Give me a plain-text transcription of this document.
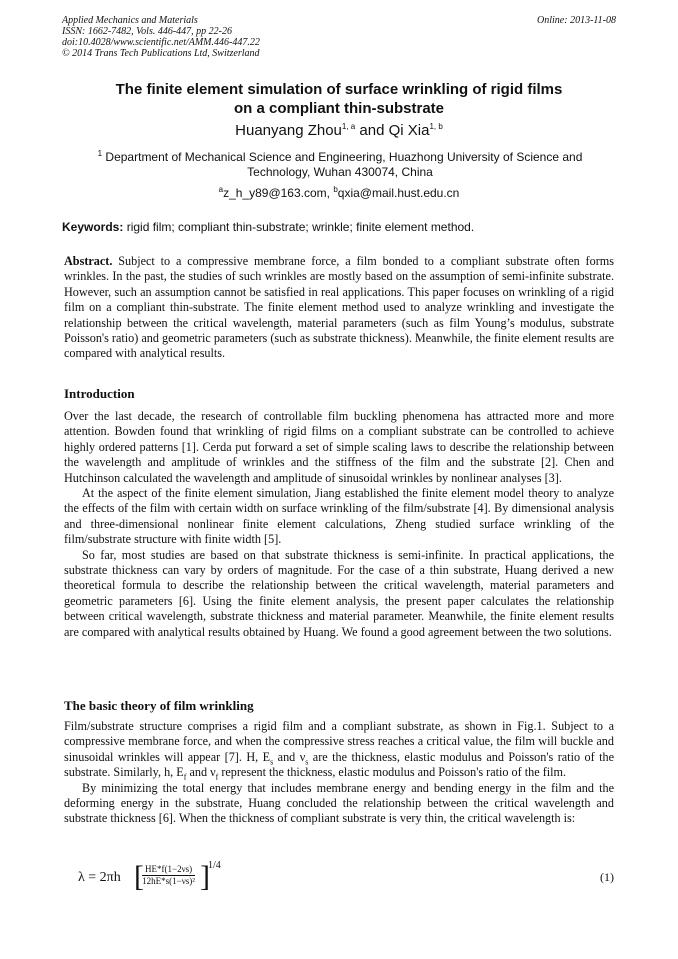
Applied Mechanics and Materials
ISSN: 1662-7482, Vols. 446-447, pp 22-26
doi:10.4028/www.scientific.net/AMM.446-447.22
© 2014 Trans Tech Publications Ltd, Switzerland
Online: 2013-11-08
The finite element simulation of surface wrinkling of rigid films
on a compliant thin-substrate
Huanyang Zhou$^{1, a}$ and Qi Xia$^{1, b}$
$^1$ Department of Mechanical Science and Engineering, Huazhong University of Science and Technology, Wuhan 430074, China
$^a$z_h_y89@163.com, $^b$qxia@mail.hust.edu.cn
Keywords: rigid film; compliant thin-substrate; wrinkle; finite element method.
Abstract. Subject to a compressive membrane force, a film bonded to a compliant substrate often forms wrinkles. In the past, the studies of such wrinkles are mostly based on the assumption of semi-infinite substrate. However, such an assumption cannot be satisfied in real applications. This paper focuses on wrinkling of a rigid film on a compliant thin-substrate. The finite element method used to analyze wrinkling and investigate the relationship between the critical wavelength, material parameters (such as film Young’s modulus, substrate Poisson's ratio) and geometric parameters (such as substrate thickness). Meanwhile, the finite element results are compared with analytical results.
Introduction
Over the last decade, the research of controllable film buckling phenomena has attracted more and more attention. Bowden found that wrinkling of rigid films on a compliant substrate can be controlled to achieve highly ordered patterns [1]. Cerda put forward a set of simple scaling laws to describe the relationship between the wavelength and amplitude of wrinkles and the stiffness of the film and the substrate [2]. Chen and Hutchinson calculated the wavelength and amplitude of sinusoidal wrinkles by nonlinear analyses [3].
At the aspect of the finite element simulation, Jiang established the finite element model theory to analyze the effects of the film with certain width on surface wrinkling of the film/substrate [4]. By dimensional analysis and three-dimensional nonlinear finite element calculations, Zheng studied surface wrinkling of the film/substrate structure with finite width [5].
So far, most studies are based on that substrate thickness is semi-infinite. In practical applications, the substrate thickness can vary by orders of magnitude. For the case of a thin substrate, Huang derived a new theoretical formula to describe the relationship between the critical wavelength, material parameters and geometric parameters [6]. Using the finite element analysis, the present paper calculates the relationship between critical wavelength, substrate thickness and material parameter. Meanwhile, the finite element results are compared with analytical results obtained by Huang. We found a good agreement between the two solutions.
The basic theory of film wrinkling
Film/substrate structure comprises a rigid film and a compliant substrate, as shown in Fig.1. Subject to a compressive membrane force, and when the compressive stress reaches a critical value, the film will buckle and sinusoidal wrinkles will appear [7]. H, $E_s$ and $\nu_s$ are the thickness, elastic modulus and Poisson's ratio of the substrate. Similarly, h, $E_f$ and $\nu_f$ represent the thickness, elastic modulus and Poisson's ratio of the film.
By minimizing the total energy that includes membrane energy and bending energy in the film and the deforming energy in the substrate, Huang concluded the relationship between the critical wavelength and substrate thickness [6]. When the thickness of compliant substrate is very thin, the critical wavelength is:
λ = 2πh [
$\frac{HE*f(1-2\nu s)}{\text{12hE*s(1−νs)²}}$ ]
1/4
(1)
